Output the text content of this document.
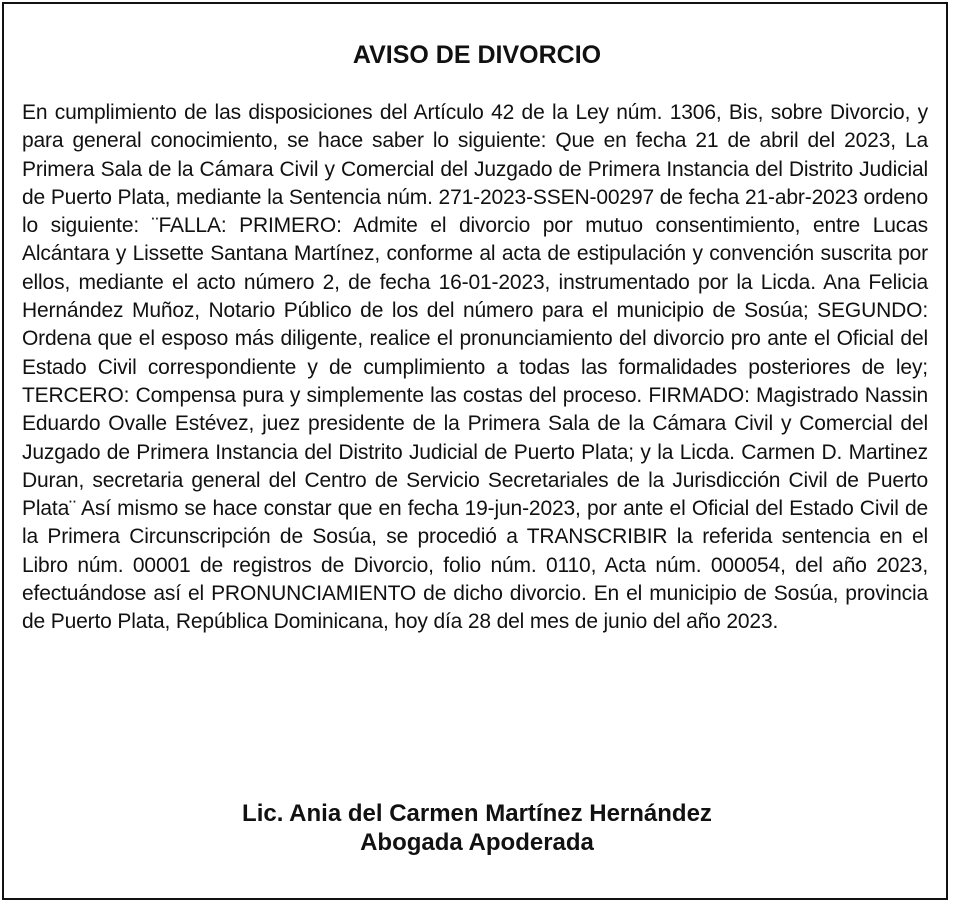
AVISO DE DIVORCIO

En cumplimiento de las disposiciones del Artículo 42 de la Ley núm. 1306, Bis, sobre Divorcio, y para general conocimiento, se hace saber lo siguiente: Que en fecha 21 de abril del 2023, La Primera Sala de la Cámara Civil y Comercial del Juzgado de Primera Instancia del Distrito Judicial de Puerto Plata, mediante la Sentencia núm. 271-2023-SSEN-00297 de fecha 21-abr-2023 ordeno lo siguiente: ¨FALLA: PRIMERO: Admite el divorcio por mutuo consentimiento, entre Lucas Alcántara y Lissette Santana Martínez, conforme al acta de estipulación y convención suscrita por ellos, mediante el acto número 2, de fecha 16-01-2023, instrumentado por la Licda. Ana Felicia Hernández Muñoz, Notario Público de los del número para el municipio de Sosúa; SEGUNDO: Ordena que el esposo más diligente, realice el pronunciamiento del divorcio pro ante el Oficial del Estado Civil correspondiente y de cumplimiento a todas las formalidades posteriores de ley; TERCERO: Compensa pura y simplemente las costas del proceso. FIRMADO: Magistrado Nassin Eduardo Ovalle Estévez, juez presidente de la Primera Sala de la Cámara Civil y Comercial del Juzgado de Primera Instancia del Distrito Judicial de Puerto Plata; y la Licda. Carmen D. Martinez Duran, secretaria general del Centro de Servicio Secretariales de la Jurisdicción Civil de Puerto Plata¨ Así mismo se hace constar que en fecha 19-jun-2023, por ante el Oficial del Estado Civil de la Primera Circunscripción de Sosúa, se procedió a TRANSCRIBIR la referida sentencia en el Libro núm. 00001 de registros de Divorcio, folio núm. 0110, Acta núm. 000054, del año 2023, efectuándose así el PRONUNCIAMIENTO de dicho divorcio. En el municipio de Sosúa, provincia de Puerto Plata, República Dominicana, hoy día 28 del mes de junio del año 2023.

Lic. Ania del Carmen Martínez Hernández
Abogada Apoderada
